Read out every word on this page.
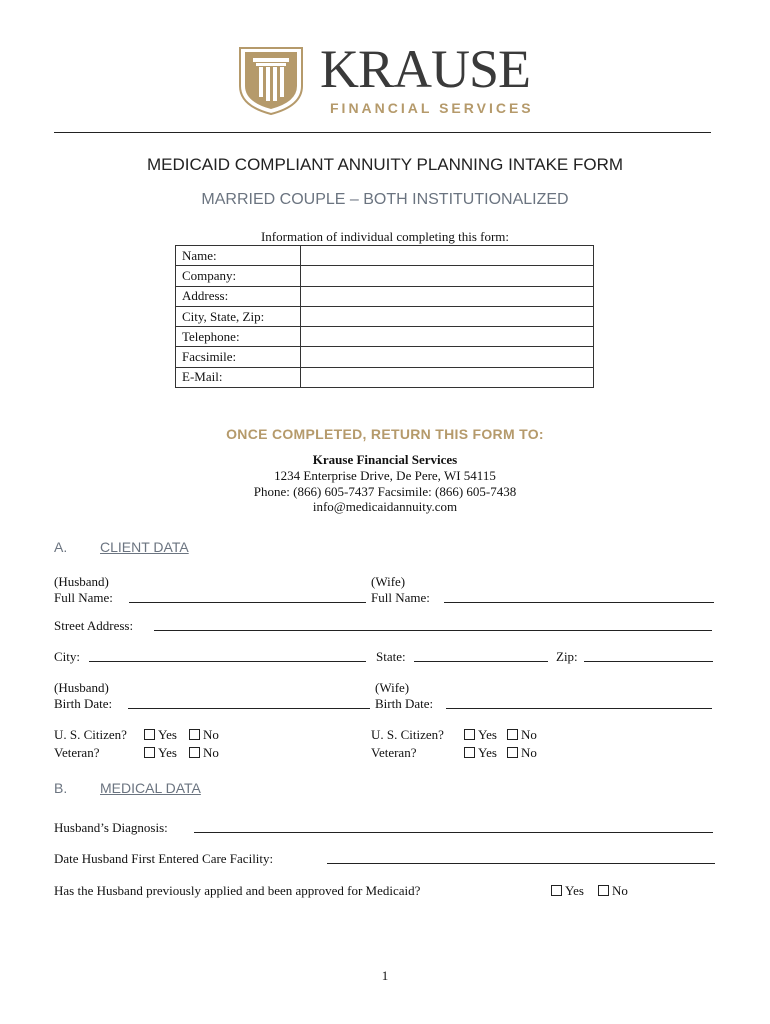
KRAUSE
FINANCIAL SERVICES
MEDICAID COMPLIANT ANNUITY PLANNING INTAKE FORM
MARRIED COUPLE – BOTH INSTITUTIONALIZED
Information of individual completing this form:
Name:	
Company:	
Address:	
City, State, Zip:	
Telephone:	
Facsimile:	
E-Mail:	
ONCE COMPLETED, RETURN THIS FORM TO:
Krause Financial Services
1234 Enterprise Drive, De Pere, WI 54115
Phone: (866) 605-7437 Facsimile: (866) 605-7438
info@medicaidannuity.com
A. CLIENT DATA
(Husband)	(Wife)
Full Name:	Full Name:
Street Address:
City:	State:	Zip:
(Husband)	(Wife)
Birth Date:	Birth Date:
U. S. Citizen?	Yes	No
Veteran?	Yes	No
U. S. Citizen?	Yes	No
Veteran?	Yes	No
B. MEDICAL DATA
Husband’s Diagnosis:
Date Husband First Entered Care Facility:
Has the Husband previously applied and been approved for Medicaid?	Yes	No
1
